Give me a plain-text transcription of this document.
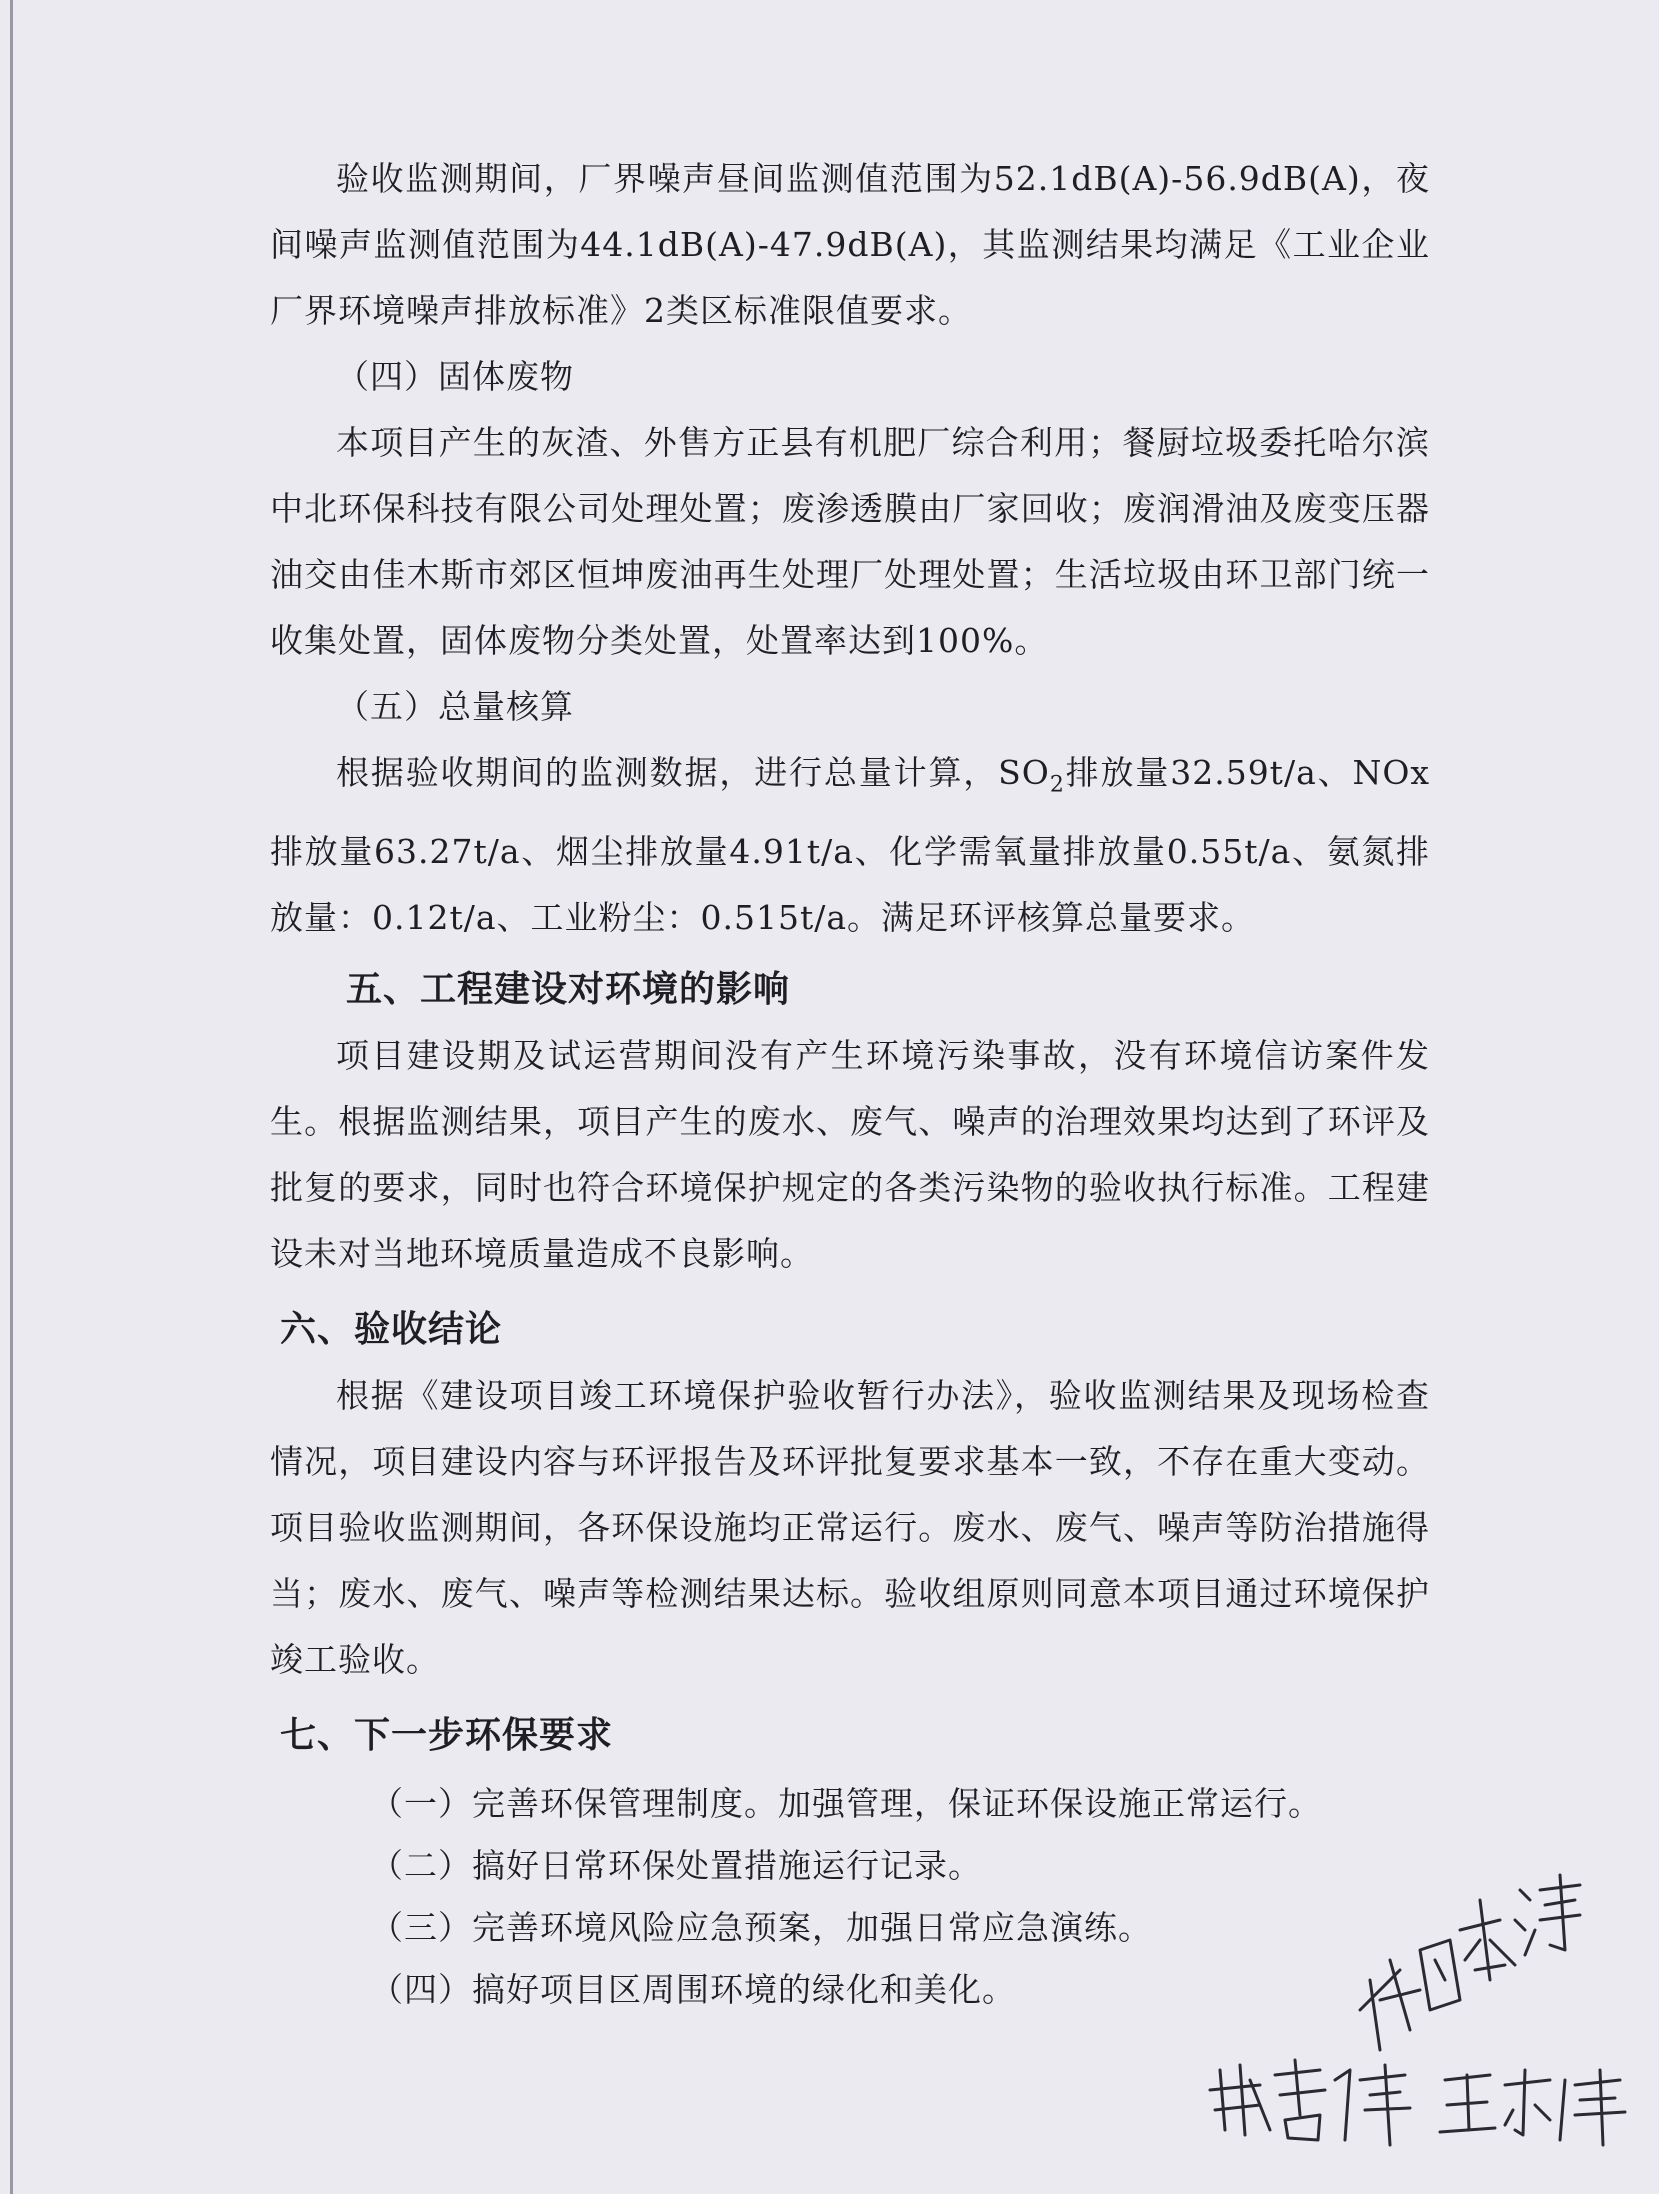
验收监测期间，厂界噪声昼间监测值范围为52.1dB(A)-56.9dB(A)，夜间噪声监测值范围为44.1dB(A)-47.9dB(A)，其监测结果均满足《工业企业厂界环境噪声排放标准》2类区标准限值要求。

（四）固体废物

本项目产生的灰渣、外售方正县有机肥厂综合利用；餐厨垃圾委托哈尔滨中北环保科技有限公司处理处置；废渗透膜由厂家回收；废润滑油及废变压器油交由佳木斯市郊区恒坤废油再生处理厂处理处置；生活垃圾由环卫部门统一收集处置，固体废物分类处置，处置率达到100%。

（五）总量核算

根据验收期间的监测数据，进行总量计算，$SO_2$排放量32.59t/a、NOx排放量63.27t/a、烟尘排放量4.91t/a、化学需氧量排放量0.55t/a、氨氮排放量：0.12t/a、工业粉尘：0.515t/a。满足环评核算总量要求。

五、工程建设对环境的影响

项目建设期及试运营期间没有产生环境污染事故，没有环境信访案件发生。根据监测结果，项目产生的废水、废气、噪声的治理效果均达到了环评及批复的要求，同时也符合环境保护规定的各类污染物的验收执行标准。工程建设未对当地环境质量造成不良影响。

六、验收结论

根据《建设项目竣工环境保护验收暂行办法》，验收监测结果及现场检查情况，项目建设内容与环评报告及环评批复要求基本一致，不存在重大变动。项目验收监测期间，各环保设施均正常运行。废水、废气、噪声等防治措施得当；废水、废气、噪声等检测结果达标。验收组原则同意本项目通过环境保护竣工验收。

七、下一步环保要求
（一）完善环保管理制度。加强管理，保证环保设施正常运行。
（二）搞好日常环保处置措施运行记录。
（三）完善环境风险应急预案，加强日常应急演练。
（四）搞好项目区周围环境的绿化和美化。
